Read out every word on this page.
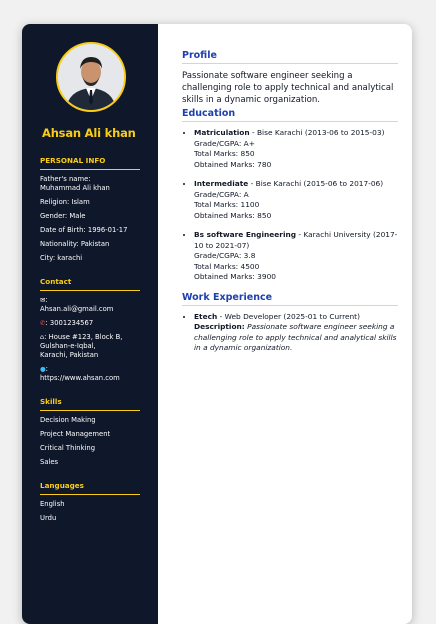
Ahsan Ali khan
PERSONAL INFO
Father's name:
Muhammad Ali khan
Religion: Islam
Gender: Male
Date of Birth: 1996-01-17
Nationality: Pakistan
City: karachi
Contact
✉:
Ahsan.ali@gmail.com
✆: 3001234567
⌂: House #123, Block B,
Gulshan-e-Iqbal,
Karachi, Pakistan
●:
https://www.ahsan.com
Skills
Decision Making
Project Management
Critical Thinking
Sales
Languages
English
Urdu
Profile
Passionate software engineer seeking a challenging role to apply technical and analytical skills in a dynamic organization.
Education
• Matriculation - Bise Karachi (2013-06 to 2015-03)
Grade/CGPA: A+
Total Marks: 850
Obtained Marks: 780
• Intermediate - Bise Karachi (2015-06 to 2017-06)
Grade/CGPA: A
Total Marks: 1100
Obtained Marks: 850
• Bs software Engineering - Karachi University (2017-10 to 2021-07)
Grade/CGPA: 3.8
Total Marks: 4500
Obtained Marks: 3900
Work Experience
• Etech - Web Developer (2025-01 to Current)
Description: Passionate software engineer seeking a challenging role to apply technical and analytical skills in a dynamic organization.
